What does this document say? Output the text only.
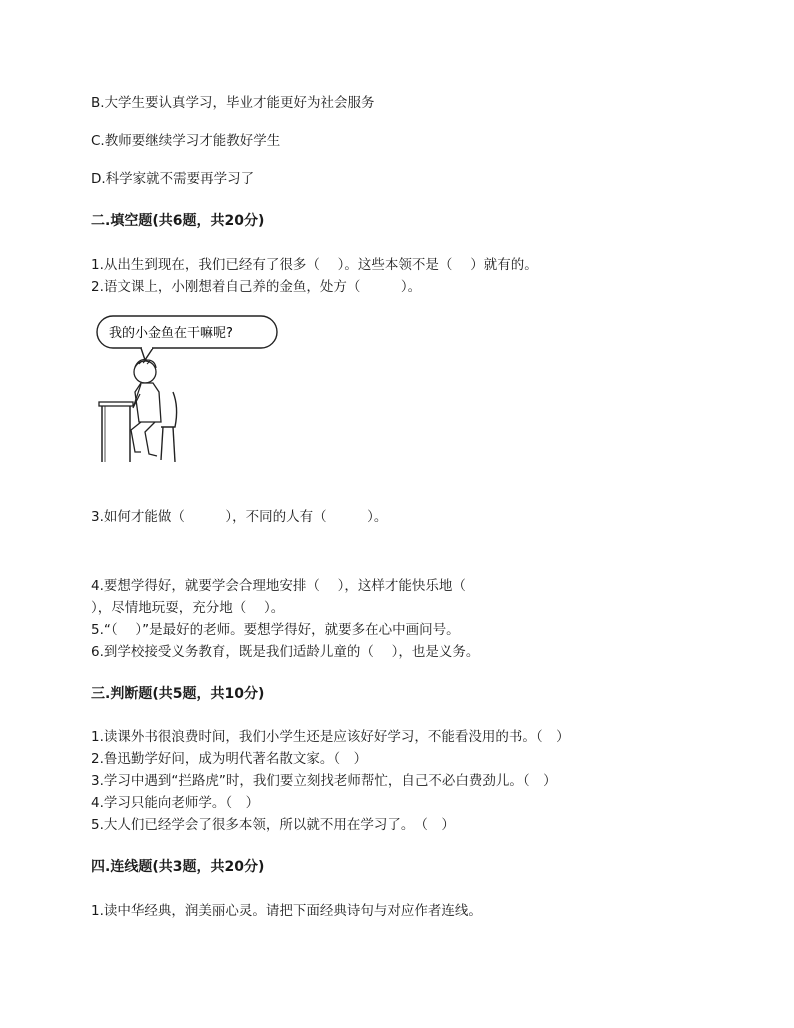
B.大学生要认真学习，毕业才能更好为社会服务
C.教师要继续学习才能教好学生
D.科学家就不需要再学习了
二.填空题(共6题，共20分)
1.从出生到现在，我们已经有了很多（　 ）。这些本领不是（　 ）就有的。
2.语文课上，小刚想着自己养的金鱼，处方（　　　）。
我的小金鱼在干嘛呢?
3.如何才能做（　　　），不同的人有（　　　）。
4.要想学得好，就要学会合理地安排（　 ），这样才能快乐地（
），尽情地玩耍，充分地（　 ）。
5.“（　 ）”是最好的老师。要想学得好，就要多在心中画问号。
6.到学校接受义务教育，既是我们适龄儿童的（　 ），也是义务。
三.判断题(共5题，共10分)
1.读课外书很浪费时间，我们小学生还是应该好好学习，不能看没用的书。（　）
2.鲁迅勤学好问，成为明代著名散文家。（　）
3.学习中遇到“拦路虎”时，我们要立刻找老师帮忙，自己不必白费劲儿。（　）
4.学习只能向老师学。（　）
5.大人们已经学会了很多本领，所以就不用在学习了。　（　）
四.连线题(共3题，共20分)
1.读中华经典，润美丽心灵。请把下面经典诗句与对应作者连线。
